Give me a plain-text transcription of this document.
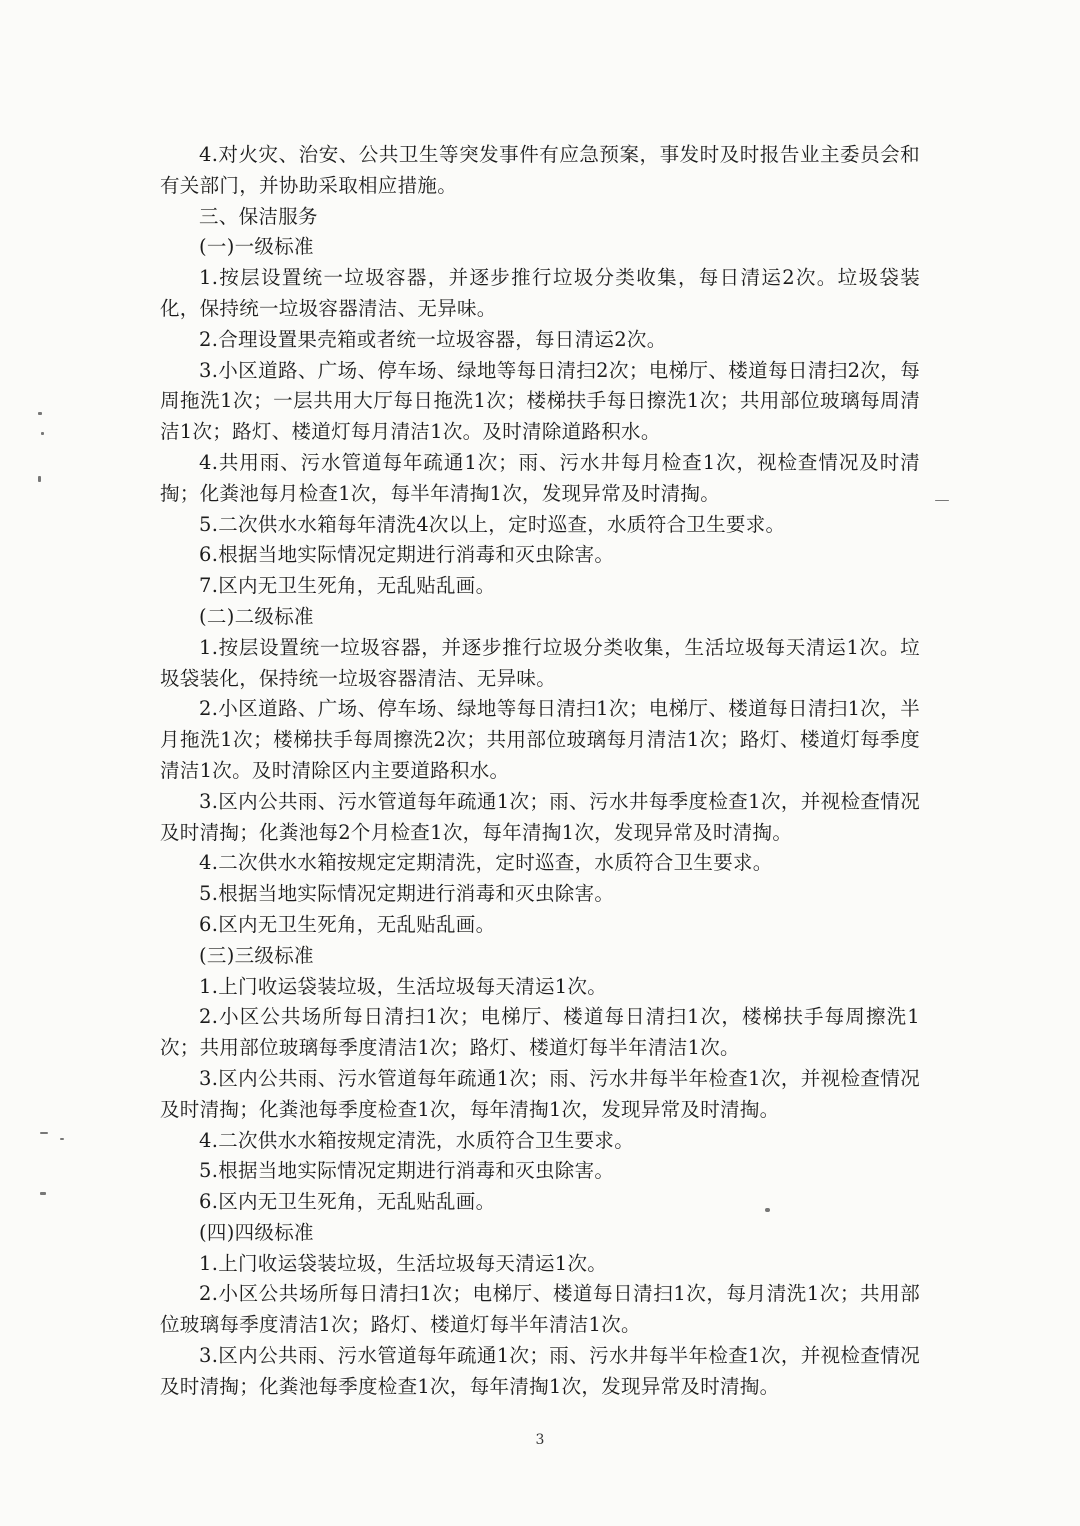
4.对火灾、治安、公共卫生等突发事件有应急预案，事发时及时报告业主委员会和有关部门，并协助采取相应措施。

三、保洁服务

(一)一级标准

1.按层设置统一垃圾容器，并逐步推行垃圾分类收集，每日清运2次。垃圾袋装化，保持统一垃圾容器清洁、无异味。

2.合理设置果壳箱或者统一垃圾容器，每日清运2次。

3.小区道路、广场、停车场、绿地等每日清扫2次；电梯厅、楼道每日清扫2次，每周拖洗1次；一层共用大厅每日拖洗1次；楼梯扶手每日擦洗1次；共用部位玻璃每周清洁1次；路灯、楼道灯每月清洁1次。及时清除道路积水。

4.共用雨、污水管道每年疏通1次；雨、污水井每月检查1次，视检查情况及时清掏；化粪池每月检查1次，每半年清掏1次，发现异常及时清掏。

5.二次供水水箱每年清洗4次以上，定时巡查，水质符合卫生要求。

6.根据当地实际情况定期进行消毒和灭虫除害。

7.区内无卫生死角，无乱贴乱画。

(二)二级标准

1.按层设置统一垃圾容器，并逐步推行垃圾分类收集，生活垃圾每天清运1次。垃圾袋装化，保持统一垃圾容器清洁、无异味。

2.小区道路、广场、停车场、绿地等每日清扫1次；电梯厅、楼道每日清扫1次，半月拖洗1次；楼梯扶手每周擦洗2次；共用部位玻璃每月清洁1次；路灯、楼道灯每季度清洁1次。及时清除区内主要道路积水。

3.区内公共雨、污水管道每年疏通1次；雨、污水井每季度检查1次，并视检查情况及时清掏；化粪池每2个月检查1次，每年清掏1次，发现异常及时清掏。

4.二次供水水箱按规定定期清洗，定时巡查，水质符合卫生要求。

5.根据当地实际情况定期进行消毒和灭虫除害。

6.区内无卫生死角，无乱贴乱画。

(三)三级标准

1.上门收运袋装垃圾，生活垃圾每天清运1次。

2.小区公共场所每日清扫1次；电梯厅、楼道每日清扫1次，楼梯扶手每周擦洗1次；共用部位玻璃每季度清洁1次；路灯、楼道灯每半年清洁1次。

3.区内公共雨、污水管道每年疏通1次；雨、污水井每半年检查1次，并视检查情况及时清掏；化粪池每季度检查1次，每年清掏1次，发现异常及时清掏。

4.二次供水水箱按规定清洗，水质符合卫生要求。

5.根据当地实际情况定期进行消毒和灭虫除害。

6.区内无卫生死角，无乱贴乱画。

(四)四级标准

1.上门收运袋装垃圾，生活垃圾每天清运1次。

2.小区公共场所每日清扫1次；电梯厅、楼道每日清扫1次，每月清洗1次；共用部位玻璃每季度清洁1次；路灯、楼道灯每半年清洁1次。

3.区内公共雨、污水管道每年疏通1次；雨、污水井每半年检查1次，并视检查情况及时清掏；化粪池每季度检查1次，每年清掏1次，发现异常及时清掏。

3
